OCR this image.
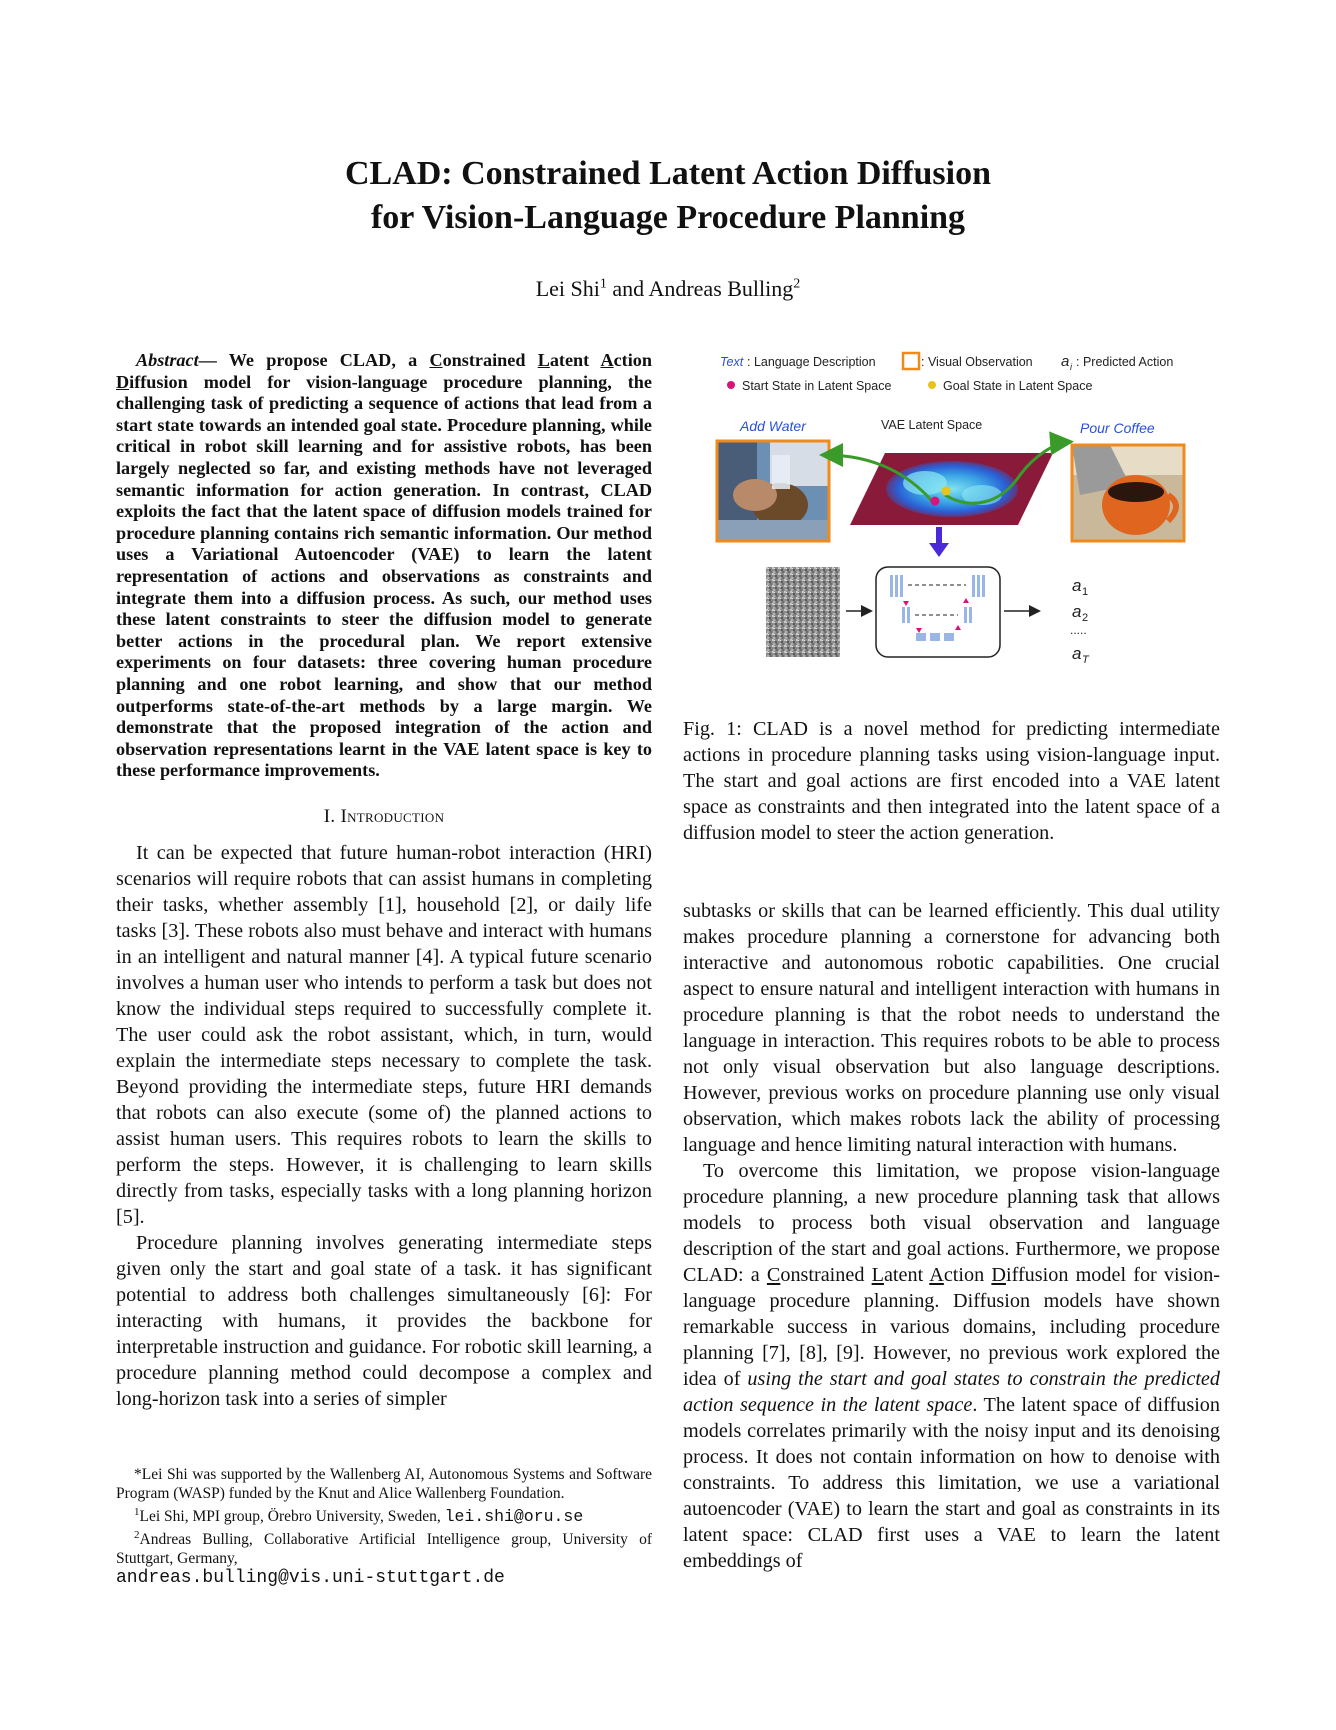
CLAD: Constrained Latent Action Diffusion
for Vision-Language Procedure Planning
Lei Shi$^1$ and Andreas Bulling$^2$

Abstract— We propose CLAD, a Constrained Latent Action Diffusion model for vision-language procedure planning, the challenging task of predicting a sequence of actions that lead from a start state towards an intended goal state. Procedure planning, while critical in robot skill learning and for assistive robots, has been largely neglected so far, and existing methods have not leveraged semantic information for action generation. In contrast, CLAD exploits the fact that the latent space of diffusion models trained for procedure planning contains rich semantic information. Our method uses a Variational Autoencoder (VAE) to learn the latent representation of actions and observations as constraints and integrate them into a diffusion process. As such, our method uses these latent constraints to steer the diffusion model to generate better actions in the procedural plan. We report extensive experiments on four datasets: three covering human procedure planning and one robot learning, and show that our method outperforms state-of-the-art methods by a large margin. We demonstrate that the proposed integration of the action and observation representations learnt in the VAE latent space is key to these performance improvements.

I. Introduction

It can be expected that future human-robot interaction (HRI) scenarios will require robots that can assist humans in completing their tasks, whether assembly [1], household [2], or daily life tasks [3]. These robots also must behave and interact with humans in an intelligent and natural manner [4]. A typical future scenario involves a human user who intends to perform a task but does not know the individual steps required to successfully complete it. The user could ask the robot assistant, which, in turn, would explain the intermediate steps necessary to complete the task. Beyond providing the intermediate steps, future HRI demands that robots can also execute (some of) the planned actions to assist human users. This requires robots to learn the skills to perform the steps. However, it is challenging to learn skills directly from tasks, especially tasks with a long planning horizon [5].

Procedure planning involves generating intermediate steps given only the start and goal state of a task. it has significant potential to address both challenges simultaneously [6]: For interacting with humans, it provides the backbone for interpretable instruction and guidance. For robotic skill learning, a procedure planning method could decompose a complex and long-horizon task into a series of simpler

*Lei Shi was supported by the Wallenberg AI, Autonomous Systems and Software Program (WASP) funded by the Knut and Alice Wallenberg Foundation.

$^1$Lei Shi, MPI group, Örebro University, Sweden, lei.shi@oru.se

$^2$Andreas Bulling, Collaborative Artificial Intelligence group, University of Stuttgart, Germany,
andreas.bulling@vis.uni-stuttgart.de

Text : Language Description	: Visual Observation a i : Predicted Action
Start State in Latent Space	Goal State in Latent Space
Add Water	Pour Coffee
VAE Latent Space
a 1
a 2
.....
a T
Fig. 1: CLAD is a novel method for predicting intermediate actions in procedure planning tasks using vision-language input. The start and goal actions are first encoded into a VAE latent space as constraints and then integrated into the latent space of a diffusion model to steer the action generation.

subtasks or skills that can be learned efficiently. This dual utility makes procedure planning a cornerstone for advancing both interactive and autonomous robotic capabilities. One crucial aspect to ensure natural and intelligent interaction with humans in procedure planning is that the robot needs to understand the language in interaction. This requires robots to be able to process not only visual observation but also language descriptions. However, previous works on procedure planning use only visual observation, which makes robots lack the ability of processing language and hence limiting natural interaction with humans.

To overcome this limitation, we propose vision-language procedure planning, a new procedure planning task that allows models to process both visual observation and language description of the start and goal actions. Furthermore, we propose CLAD: a Constrained Latent Action Diffusion model for vision-language procedure planning. Diffusion models have shown remarkable success in various domains, including procedure planning [7], [8], [9]. However, no previous work explored the idea of using the start and goal states to constrain the predicted action sequence in the latent space. The latent space of diffusion models correlates primarily with the noisy input and its denoising process. It does not contain information on how to denoise with constraints. To address this limitation, we use a variational autoencoder (VAE) to learn the start and goal as constraints in its latent space: CLAD first uses a VAE to learn the latent embeddings of
